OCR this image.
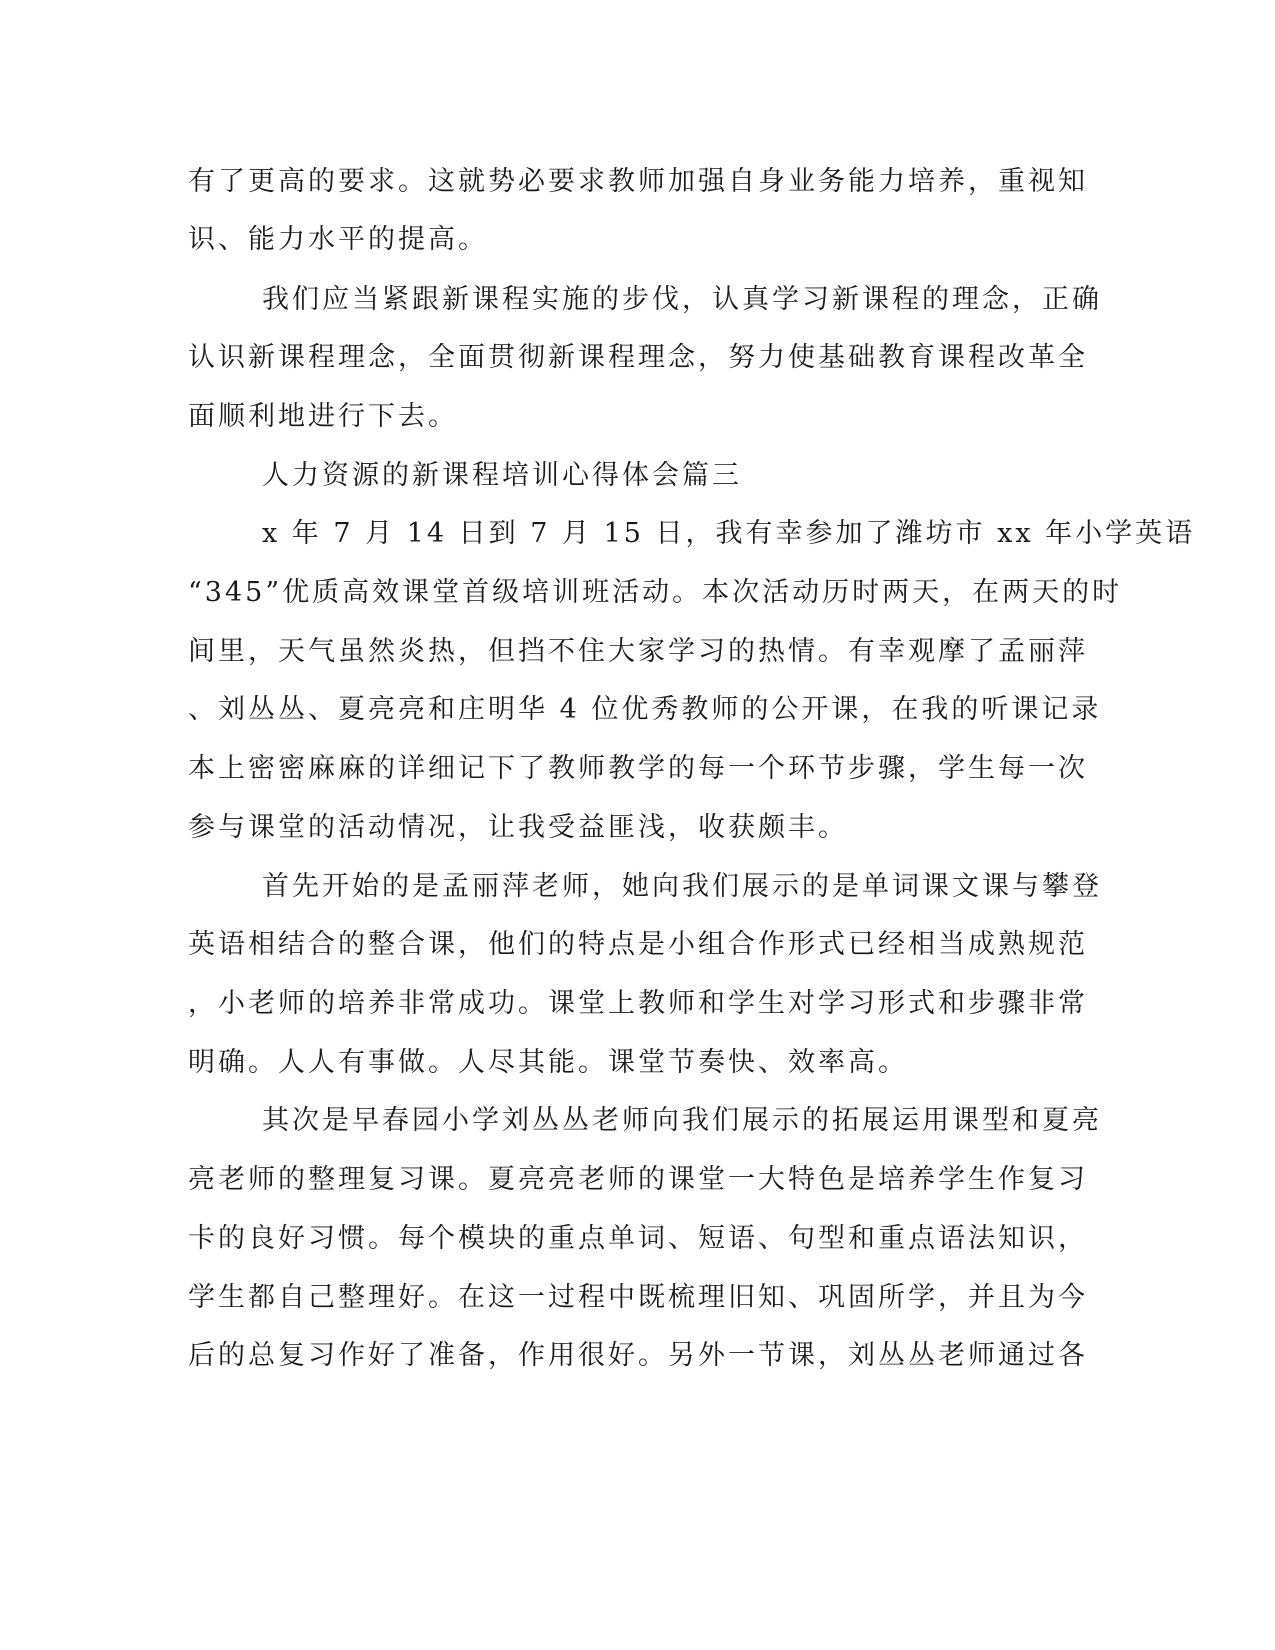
有了更高的要求。这就势必要求教师加强自身业务能力培养，重视知
识、能力水平的提高。
我们应当紧跟新课程实施的步伐，认真学习新课程的理念，正确
认识新课程理念，全面贯彻新课程理念，努力使基础教育课程改革全
面顺利地进行下去。
人力资源的新课程培训心得体会篇三
x 年 7 月 14 日到 7 月 15 日，我有幸参加了潍坊市 xx 年小学英语
“345”优质高效课堂首级培训班活动。本次活动历时两天，在两天的时
间里，天气虽然炎热，但挡不住大家学习的热情。有幸观摩了孟丽萍
、刘丛丛、夏亮亮和庄明华 4 位优秀教师的公开课，在我的听课记录
本上密密麻麻的详细记下了教师教学的每一个环节步骤，学生每一次
参与课堂的活动情况，让我受益匪浅，收获颇丰。
首先开始的是孟丽萍老师，她向我们展示的是单词课文课与攀登
英语相结合的整合课，他们的特点是小组合作形式已经相当成熟规范
，小老师的培养非常成功。课堂上教师和学生对学习形式和步骤非常
明确。人人有事做。人尽其能。课堂节奏快、效率高。
其次是早春园小学刘丛丛老师向我们展示的拓展运用课型和夏亮
亮老师的整理复习课。夏亮亮老师的课堂一大特色是培养学生作复习
卡的良好习惯。每个模块的重点单词、短语、句型和重点语法知识，
学生都自己整理好。在这一过程中既梳理旧知、巩固所学，并且为今
后的总复习作好了准备，作用很好。另外一节课，刘丛丛老师通过各
